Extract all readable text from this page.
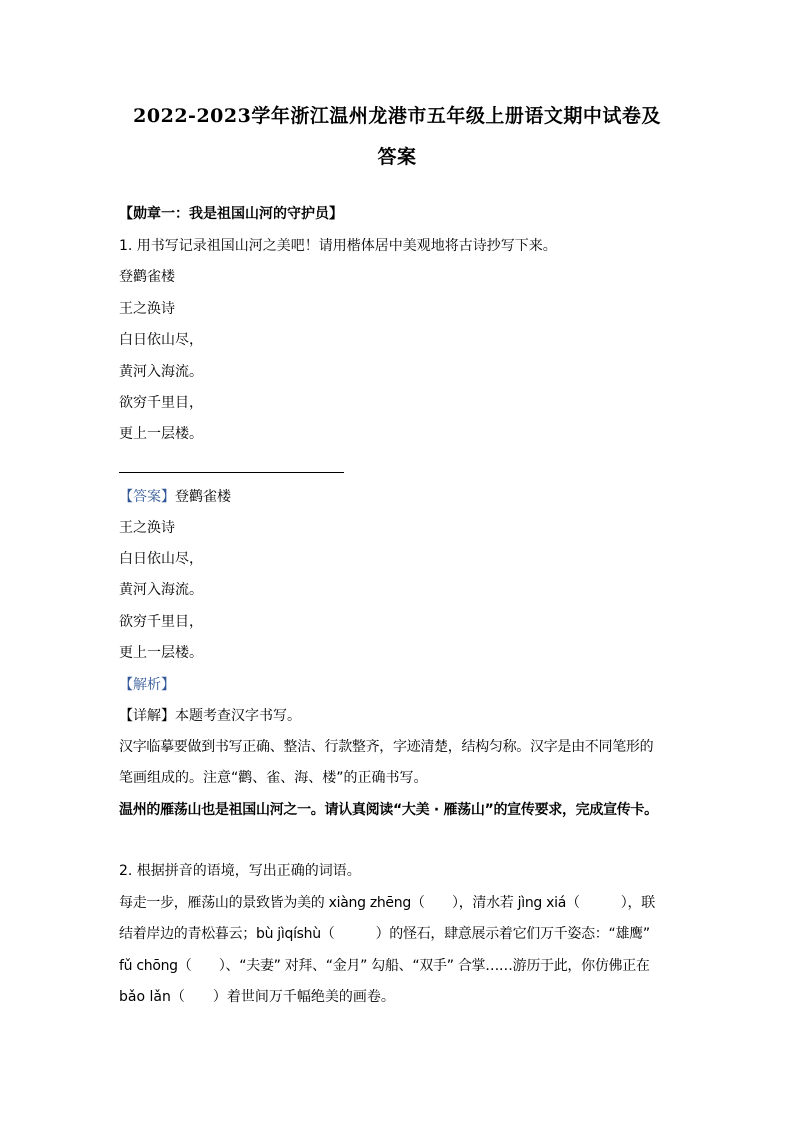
2022-2023学年浙江温州龙港市五年级上册语文期中试卷及
答案
【勋章一：我是祖国山河的守护员】
1. 用书写记录祖国山河之美吧！请用楷体居中美观地将古诗抄写下来。
登鹳雀楼
王之涣诗
白日依山尽，
黄河入海流。
欲穷千里目，
更上一层楼。
【答案】登鹳雀楼
王之涣诗
白日依山尽，
黄河入海流。
欲穷千里目，
更上一层楼。
【解析】
【详解】本题考查汉字书写。
汉字临摹要做到书写正确、整洁、行款整齐，字迹清楚，结构匀称。汉字是由不同笔形的
笔画组成的。注意“鹳、雀、海、楼”的正确书写。
温州的雁荡山也是祖国山河之一。请认真阅读“大美 · 雁荡山”的宣传要求，完成宣传卡。
2. 根据拼音的语境，写出正确的词语。
每走一步，雁荡山的景致皆为美的 xiàng zhēng（　　），清水若 jìng xiá（　　　），联
结着岸边的青松暮云；bù jìqíshù（　　　）的怪石，肆意展示着它们万千姿态：“雄鹰”
fǔ chōng（　　）、“夫妻” 对拜、“金月” 勾船、“双手” 合掌……游历于此，你仿佛正在
bǎo lǎn（　　）着世间万千幅绝美的画卷。
